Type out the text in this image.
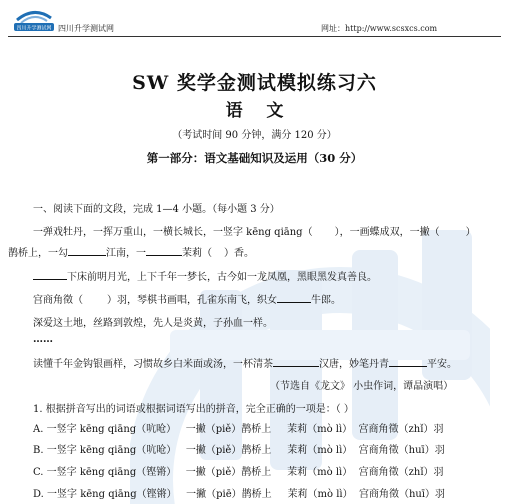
四川升学测试网 四川升学测试网	网址：http://www.scsxcs.com
SW 奖学金测试模拟练习六
语    文
（考试时间 90 分钟，满分 120 分）
第一部分：语文基础知识及运用（30 分）
一、阅读下面的文段，完成 1—4 小题。（每小题 3 分）
一弹戏牡丹，一挥万重山，一横长城长，一竖字 kēng qiāng（ ），一画蝶成双，一撇（	）
鹊桥上，一勾	江南，一	茉莉（ ）香。
下床前明月光，上下千年一梦长，古今如一龙凤凰，黑眼黑发真善良。
宫商角徵（ ）羽，琴棋书画唱，孔雀东南飞，织女	牛郎。
深爱这土地，丝路到敦煌，先人是炎黄，子孙血一样。
……
读懂千年金钩银画样，习惯故乡白米面或汤，一杯清茶	汉唐，妙笔丹青	平安。
（节选自《龙文》 小虫作词，谭晶演唱）
1. 根据拼音写出的词语或根据词语写出的拼音，完全正确的一项是：（ ）
A. 一竖字 kēng qiāng（吭呛）   一撇（piě）鹊桥上     茉莉（mò lì）  宫商角徵（zhǐ）羽
B. 一竖字 kēng qiāng（吭呛）   一撇（piě）鹊桥上     茉莉（mò lì）  宫商角徵（huī）羽
C. 一竖字 kēng qiāng（铿锵）   一撇（piě）鹊桥上     茉莉（mò lì）  宫商角徵（zhǐ）羽
D. 一竖字 kēng qiāng（铿锵）   一撇（piē）鹊桥上     茉莉（mò lì）  宫商角徵（huī）羽
